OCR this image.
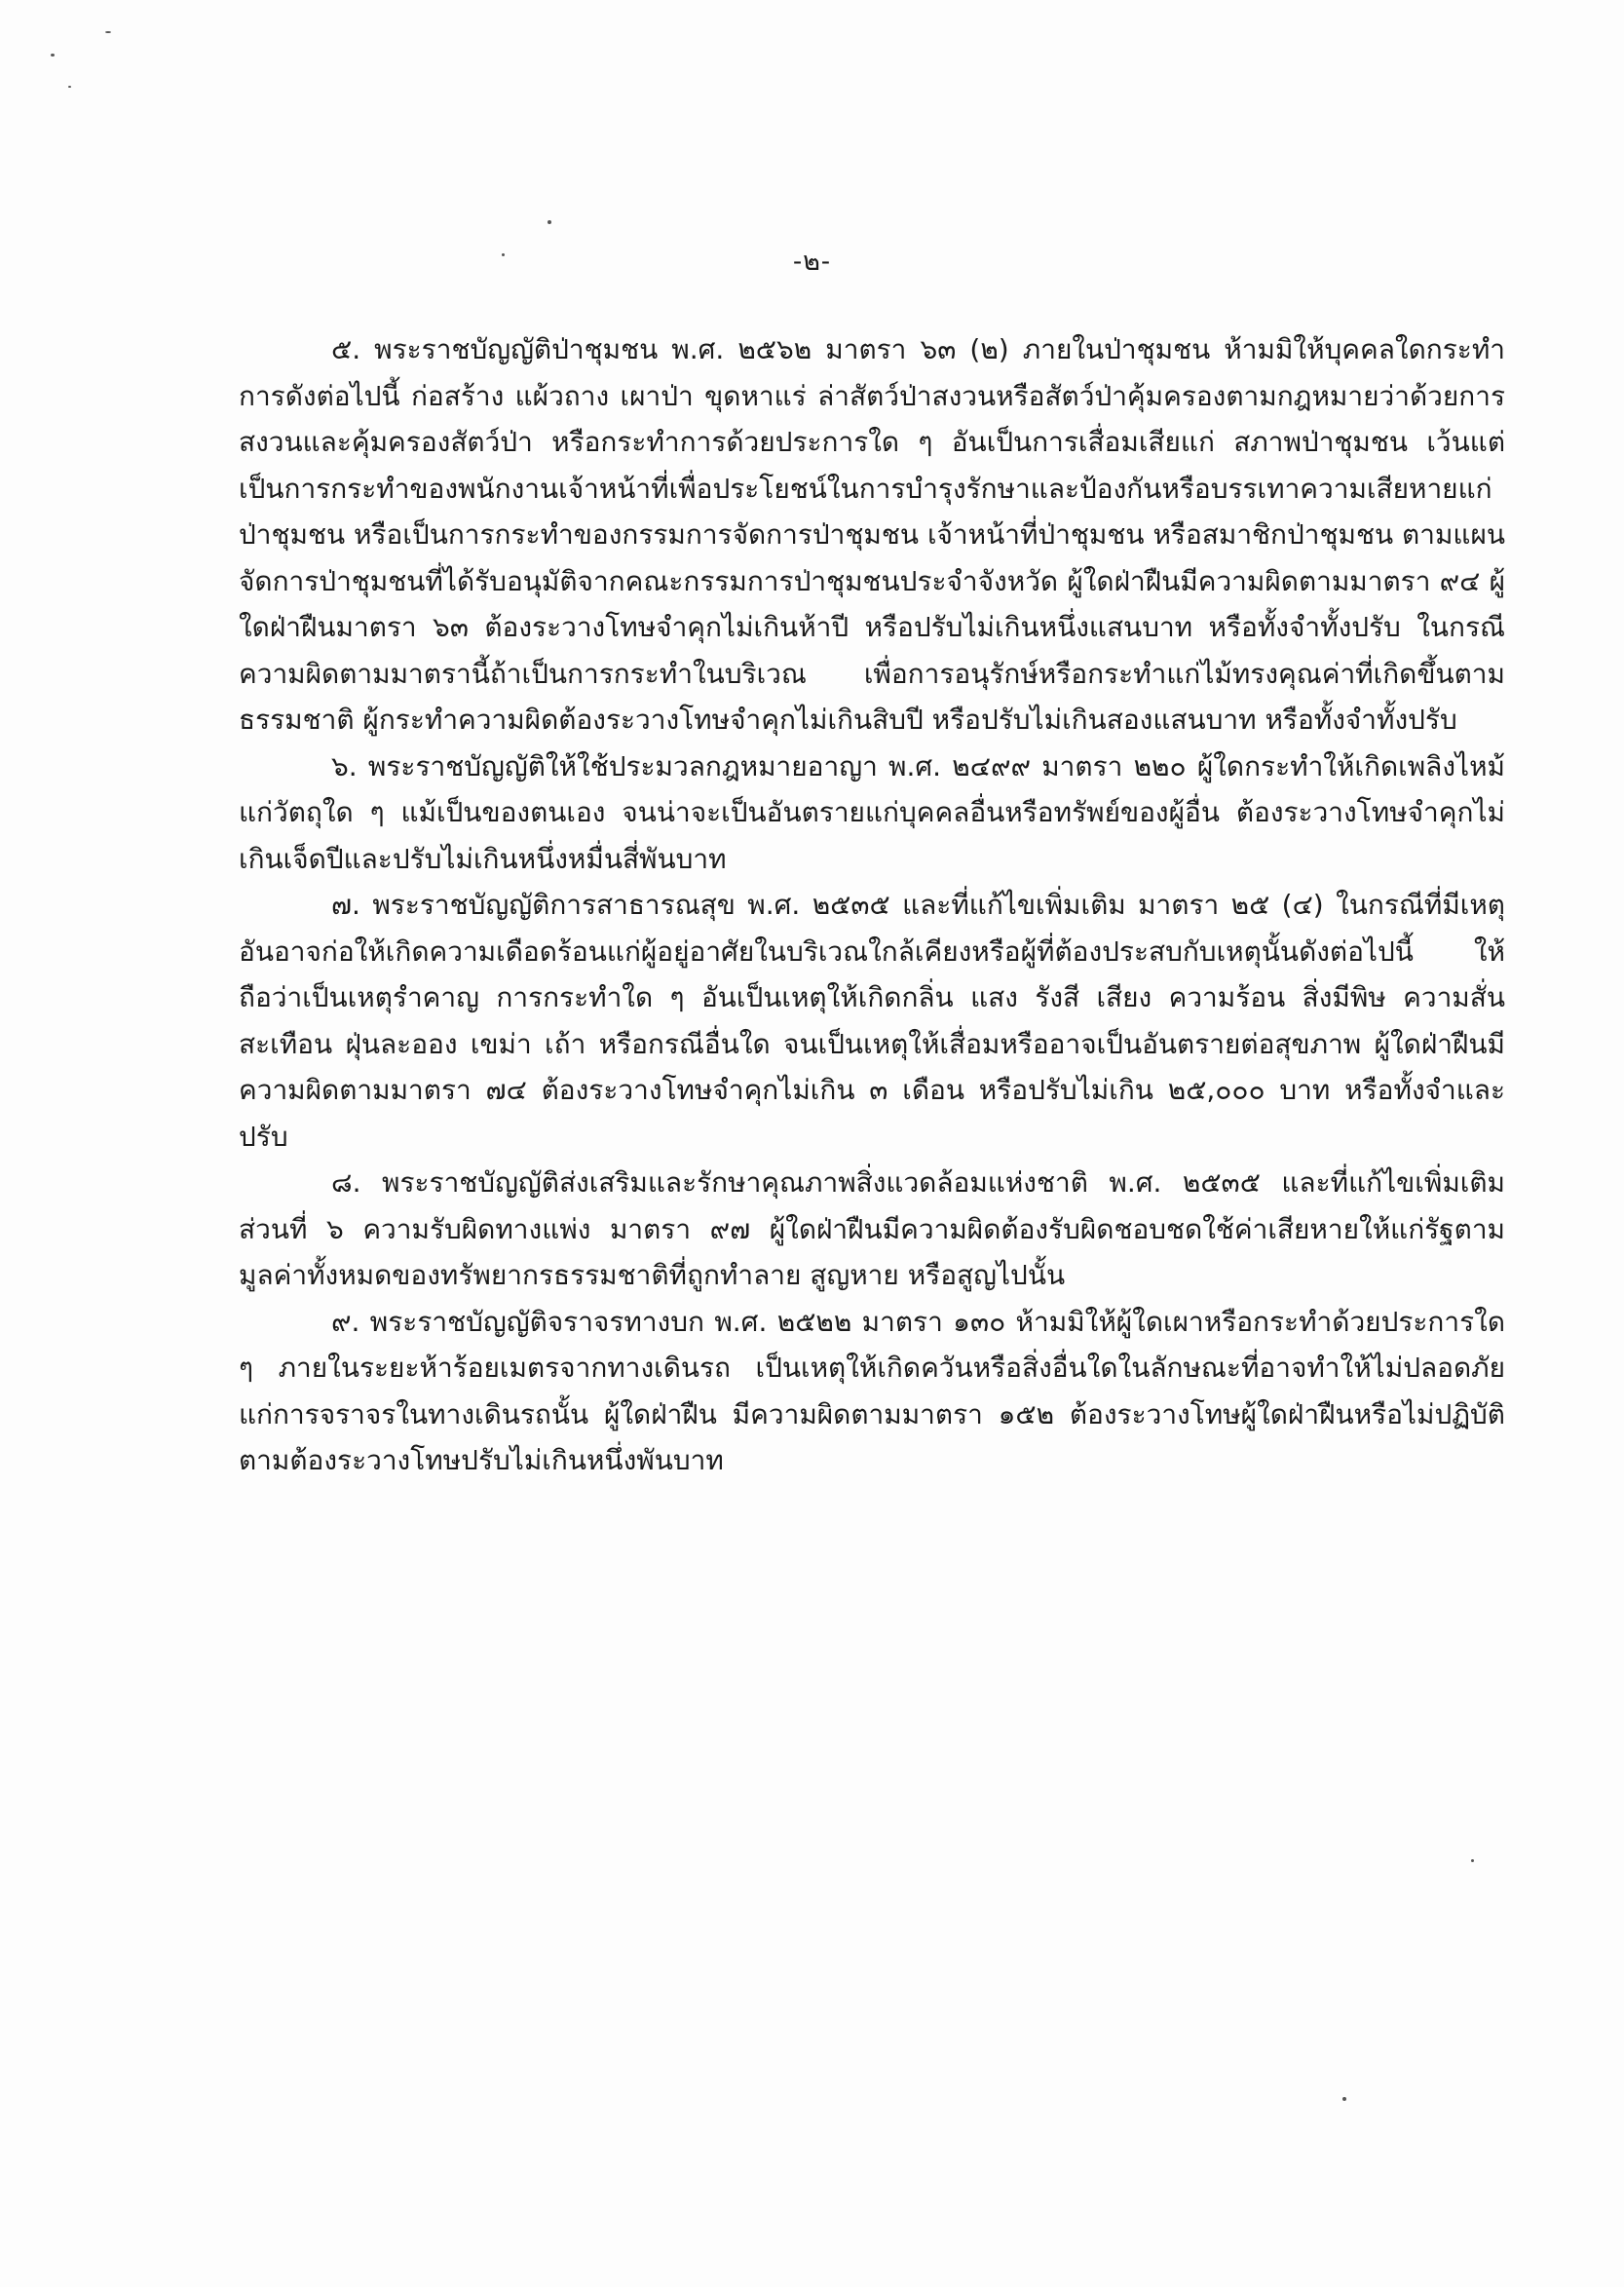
-๒-

๕. พระราชบัญญัติป่าชุมชน พ.ศ. ๒๕๖๒ มาตรา ๖๓ (๒) ภายในป่าชุมชน ห้ามมิให้บุคคลใดกระทำการดังต่อไปนี้ ก่อสร้าง แผ้วถาง เผาป่า ขุดหาแร่ ล่าสัตว์ป่าสงวนหรือสัตว์ป่าคุ้มครองตามกฎหมายว่าด้วยการสงวนและคุ้มครองสัตว์ป่า หรือกระทำการด้วยประการใด ๆ อันเป็นการเสื่อมเสียแก่ สภาพป่าชุมชน เว้นแต่เป็นการกระทำของพนักงานเจ้าหน้าที่เพื่อประโยชน์ในการบำรุงรักษาและป้องกันหรือบรรเทาความเสียหายแก่ป่าชุมชน หรือเป็นการกระทำของกรรมการจัดการป่าชุมชน เจ้าหน้าที่ป่าชุมชน หรือสมาชิกป่าชุมชน ตามแผนจัดการป่าชุมชนที่ได้รับอนุมัติจากคณะกรรมการป่าชุมชนประจำจังหวัด ผู้ใดฝ่าฝืนมีความผิดตามมาตรา ๙๔ ผู้ใดฝ่าฝืนมาตรา ๖๓ ต้องระวางโทษจำคุกไม่เกินห้าปี หรือปรับไม่เกินหนึ่งแสนบาท หรือทั้งจำทั้งปรับ ในกรณีความผิดตามมาตรานี้ถ้าเป็นการกระทำในบริเวณ เพื่อการอนุรักษ์หรือกระทำแก่ไม้ทรงคุณค่าที่เกิดขึ้นตามธรรมชาติ ผู้กระทำความผิดต้องระวางโทษจำคุกไม่เกินสิบปี หรือปรับไม่เกินสองแสนบาท หรือทั้งจำทั้งปรับ

๖. พระราชบัญญัติให้ใช้ประมวลกฎหมายอาญา พ.ศ. ๒๔๙๙ มาตรา ๒๒๐ ผู้ใดกระทำให้เกิดเพลิงไหม้แก่วัตถุใด ๆ แม้เป็นของตนเอง จนน่าจะเป็นอันตรายแก่บุคคลอื่นหรือทรัพย์ของผู้อื่น ต้องระวางโทษจำคุกไม่เกินเจ็ดปีและปรับไม่เกินหนึ่งหมื่นสี่พันบาท

๗. พระราชบัญญัติการสาธารณสุข พ.ศ. ๒๕๓๕ และที่แก้ไขเพิ่มเติม มาตรา ๒๕ (๔) ในกรณีที่มีเหตุอันอาจก่อให้เกิดความเดือดร้อนแก่ผู้อยู่อาศัยในบริเวณใกล้เคียงหรือผู้ที่ต้องประสบกับเหตุนั้นดังต่อไปนี้ ให้ถือว่าเป็นเหตุรำคาญ การกระทำใด ๆ อันเป็นเหตุให้เกิดกลิ่น แสง รังสี เสียง ความร้อน สิ่งมีพิษ ความสั่นสะเทือน ฝุ่นละออง เขม่า เถ้า หรือกรณีอื่นใด จนเป็นเหตุให้เสื่อมหรืออาจเป็นอันตรายต่อสุขภาพ ผู้ใดฝ่าฝืนมีความผิดตามมาตรา ๗๔ ต้องระวางโทษจำคุกไม่เกิน ๓ เดือน หรือปรับไม่เกิน ๒๕,๐๐๐ บาท หรือทั้งจำและปรับ

๘. พระราชบัญญัติส่งเสริมและรักษาคุณภาพสิ่งแวดล้อมแห่งชาติ พ.ศ. ๒๕๓๕ และที่แก้ไขเพิ่มเติมส่วนที่ ๖ ความรับผิดทางแพ่ง มาตรา ๙๗ ผู้ใดฝ่าฝืนมีความผิดต้องรับผิดชอบชดใช้ค่าเสียหายให้แก่รัฐตามมูลค่าทั้งหมดของทรัพยากรธรรมชาติที่ถูกทำลาย สูญหาย หรือสูญไปนั้น

๙. พระราชบัญญัติจราจรทางบก พ.ศ. ๒๕๒๒ มาตรา ๑๓๐ ห้ามมิให้ผู้ใดเผาหรือกระทำด้วยประการใด ๆ ภายในระยะห้าร้อยเมตรจากทางเดินรถ เป็นเหตุให้เกิดควันหรือสิ่งอื่นใดในลักษณะที่อาจทำให้ไม่ปลอดภัยแก่การจราจรในทางเดินรถนั้น ผู้ใดฝ่าฝืน มีความผิดตามมาตรา ๑๕๒ ต้องระวางโทษผู้ใดฝ่าฝืนหรือไม่ปฏิบัติตามต้องระวางโทษปรับไม่เกินหนึ่งพันบาท
